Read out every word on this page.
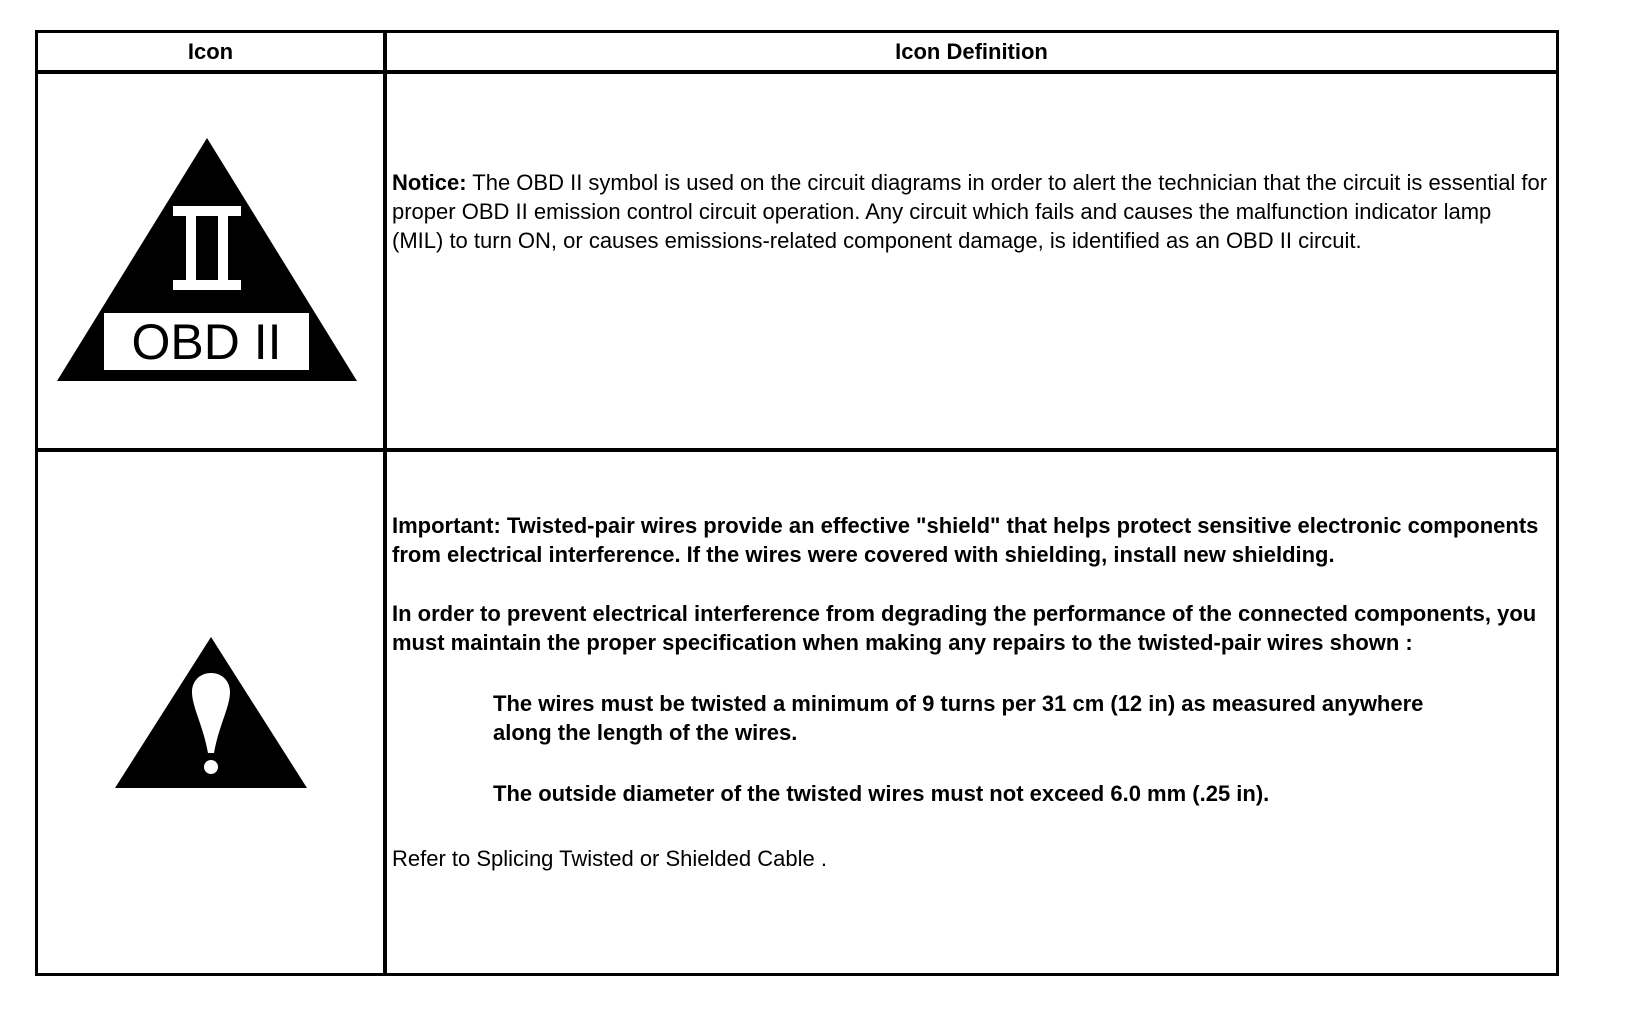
Icon	Icon Definition
OBD II

Notice: The OBD II symbol is used on the circuit diagrams in order to alert the technician that the circuit is essential for proper OBD II emission control circuit operation. Any circuit which fails and causes the malfunction indicator lamp (MIL) to turn ON, or causes emissions-related component damage, is identified as an OBD II circuit.

Important: Twisted-pair wires provide an effective "shield" that helps protect sensitive electronic components from electrical interference. If the wires were covered with shielding, install new shielding.

In order to prevent electrical interference from degrading the performance of the connected components, you must maintain the proper specification when making any repairs to the twisted-pair wires shown :

The wires must be twisted a minimum of 9 turns per 31 cm (12 in) as measured anywhere along the length of the wires.

The outside diameter of the twisted wires must not exceed 6.0 mm (.25 in).

Refer to Splicing Twisted or Shielded Cable .
